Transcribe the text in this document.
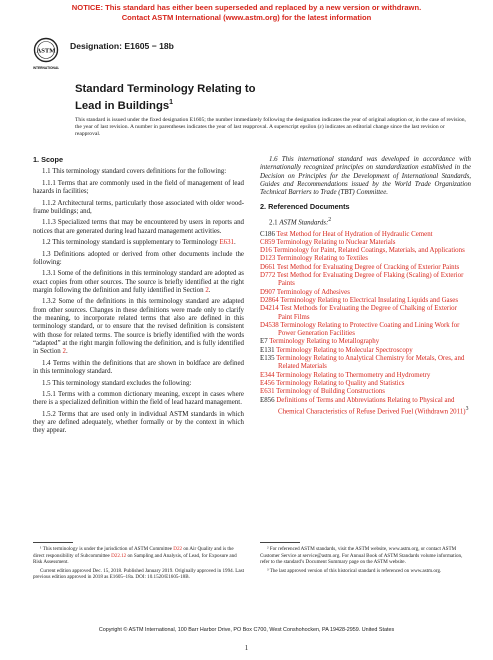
NOTICE: This standard has either been superseded and replaced by a new version or withdrawn.
Contact ASTM International (www.astm.org) for the latest information
ASTM
INTERNATIONAL
Designation: E1605 − 18b
Standard Terminology Relating to
Lead in Buildings$^1$
This standard is issued under the fixed designation E1605; the number immediately following the designation indicates the year of original adoption or, in the case of revision, the year of last revision. A number in parentheses indicates the year of last reapproval. A superscript epsilon (ε) indicates an editorial change since the last revision or reapproval.
1. Scope

1.1 This terminology standard covers definitions for the following:

1.1.1 Terms that are commonly used in the field of management of lead hazards in facilities;

1.1.2 Architectural terms, particularly those associated with older wood-frame buildings; and,

1.1.3 Specialized terms that may be encountered by users in reports and notices that are generated during lead hazard management activities.

1.2 This terminology standard is supplementary to Terminology E631.

1.3 Definitions adopted or derived from other documents include the following:

1.3.1 Some of the definitions in this terminology standard are adopted as exact copies from other sources. The source is briefly identified at the right margin following the definition and fully identified in Section 2.

1.3.2 Some of the definitions in this terminology standard are adapted from other sources. Changes in these definitions were made only to clarify the meaning, to incorporate related terms that also are defined in this terminology standard, or to ensure that the revised definition is consistent with those for related terms. The source is briefly identified with the words “adapted” at the right margin following the definition, and is fully identified in Section 2.

1.4 Terms within the definitions that are shown in boldface are defined in this terminology standard.

1.5 This terminology standard excludes the following:

1.5.1 Terms with a common dictionary meaning, except in cases where there is a specialized definition within the field of lead hazard management.

1.5.2 Terms that are used only in individual ASTM standards in which they are defined adequately, whether formally or by the context in which they appear.

1.6 This international standard was developed in accordance with internationally recognized principles on standardization established in the Decision on Principles for the Development of International Standards, Guides and Recommendations issued by the World Trade Organization Technical Barriers to Trade (TBT) Committee.

2. Referenced Documents

2.1 ASTM Standards:$^2$

C186 Test Method for Heat of Hydration of Hydraulic Cement
C859 Terminology Relating to Nuclear Materials
D16 Terminology for Paint, Related Coatings, Materials, and Applications
D123 Terminology Relating to Textiles
D661 Test Method for Evaluating Degree of Cracking of Exterior Paints
D772 Test Method for Evaluating Degree of Flaking (Scaling) of Exterior Paints
D907 Terminology of Adhesives
D2864 Terminology Relating to Electrical Insulating Liquids and Gases
D4214 Test Methods for Evaluating the Degree of Chalking of Exterior Paint Films
D4538 Terminology Relating to Protective Coating and Lining Work for Power Generation Facilities
E7 Terminology Relating to Metallography
E131 Terminology Relating to Molecular Spectroscopy
E135 Terminology Relating to Analytical Chemistry for Metals, Ores, and Related Materials
E344 Terminology Relating to Thermometry and Hydrometry
E456 Terminology Relating to Quality and Statistics
E631 Terminology of Building Constructions
E856 Definitions of Terms and Abbreviations Relating to Physical and Chemical Characteristics of Refuse Derived Fuel (Withdrawn 2011)$^3$

¹ This terminology is under the jurisdiction of ASTM Committee D22 on Air Quality and is the direct responsibility of Subcommittee D22.12 on Sampling and Analysis, of Lead, for Exposure and Risk Assessment.

Current edition approved Dec. 15, 2018. Published January 2019. Originally approved in 1994. Last previous edition approved in 2018 as E1605–18a. DOI: 10.1520/E1605-18B.

² For referenced ASTM standards, visit the ASTM website, www.astm.org, or contact ASTM Customer Service at service@astm.org. For Annual Book of ASTM Standards volume information, refer to the standard’s Document Summary page on the ASTM website.

³ The last approved version of this historical standard is referenced on www.astm.org.

Copyright © ASTM International, 100 Barr Harbor Drive, PO Box C700, West Conshohocken, PA 19428-2959. United States
1
